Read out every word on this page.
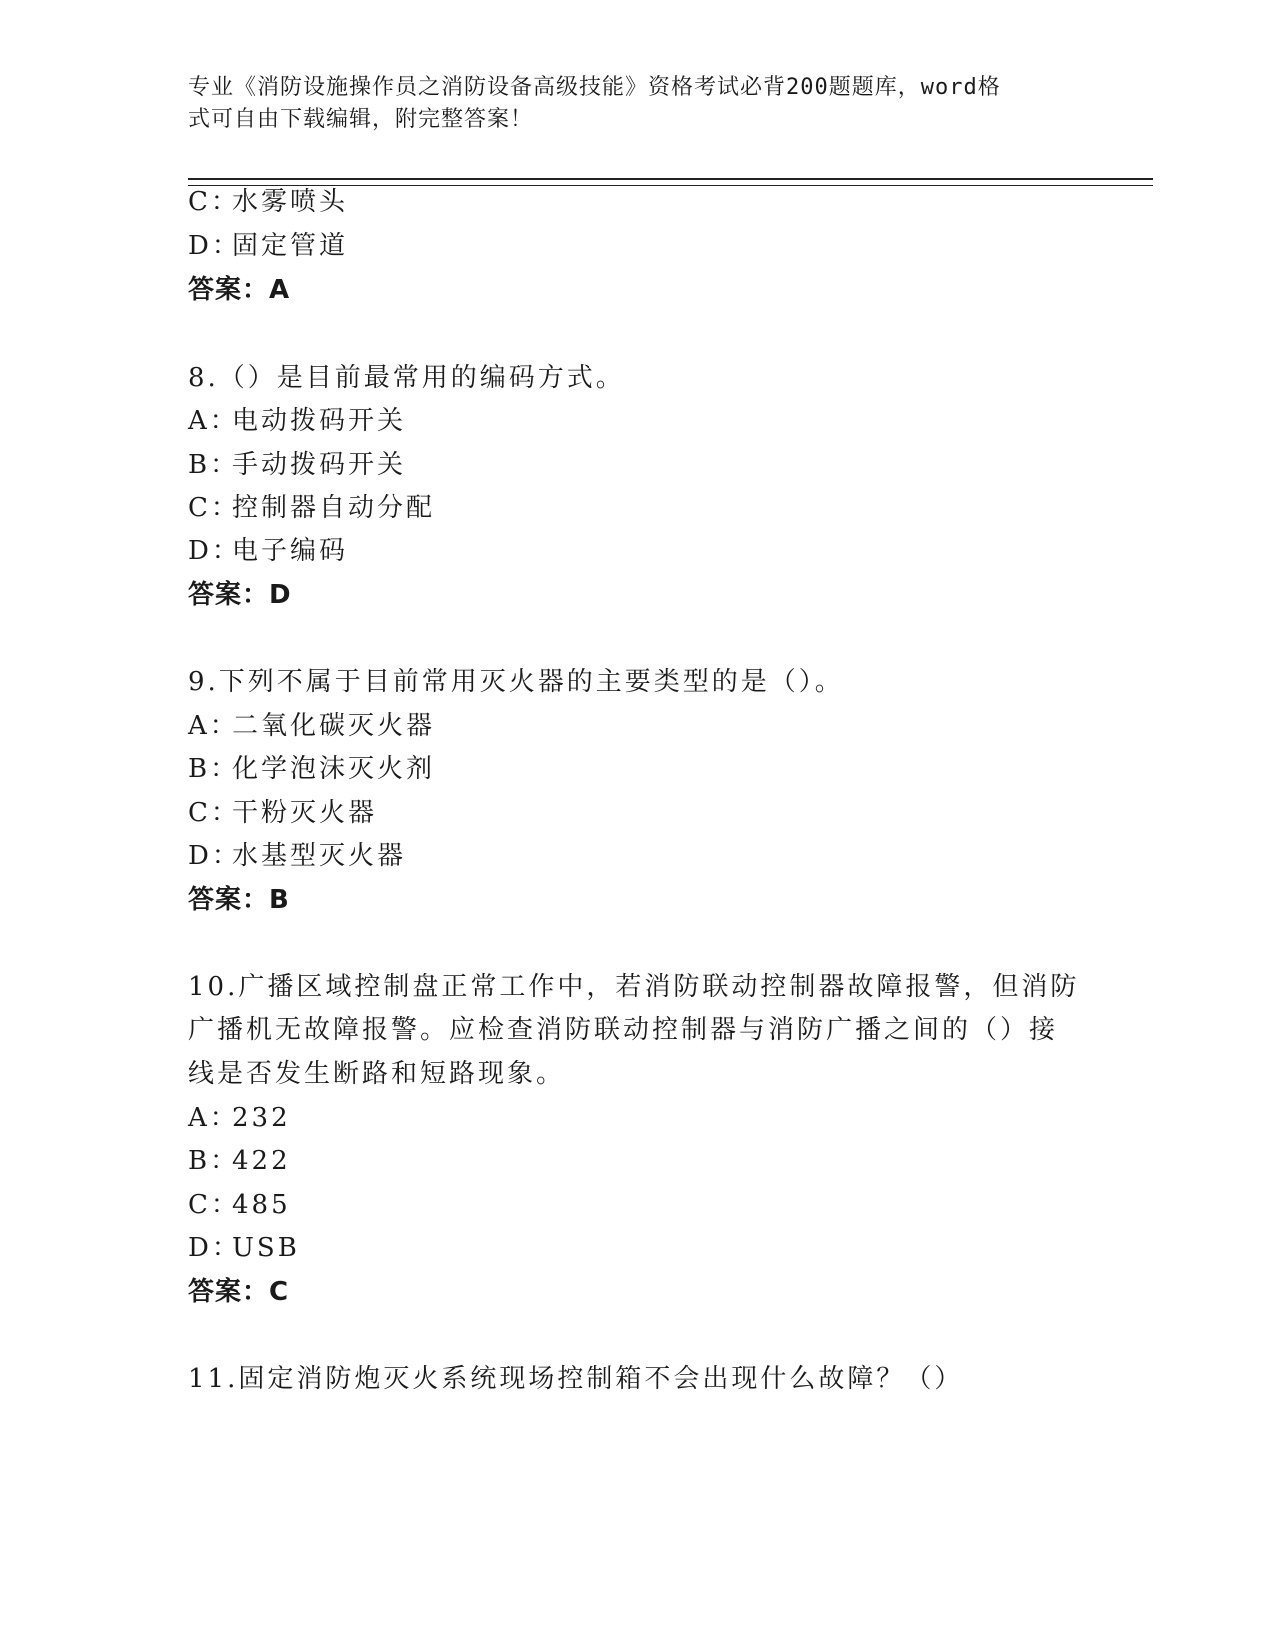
专业《消防设施操作员之消防设备高级技能》资格考试必背200题题库，word格
式可自由下载编辑，附完整答案！
C：水雾喷头
D：固定管道
答案：A
8.（）是目前最常用的编码方式。
A：电动拨码开关
B：手动拨码开关
C：控制器自动分配
D：电子编码
答案：D
9.下列不属于目前常用灭火器的主要类型的是（）。
A：二氧化碳灭火器
B：化学泡沫灭火剂
C：干粉灭火器
D：水基型灭火器
答案：B
10.广播区域控制盘正常工作中，若消防联动控制器故障报警，但消防
广播机无故障报警。应检查消防联动控制器与消防广播之间的（）接
线是否发生断路和短路现象。
A：232
B：422
C：485
D：USB
答案：C
11.固定消防炮灭火系统现场控制箱不会出现什么故障？（）
